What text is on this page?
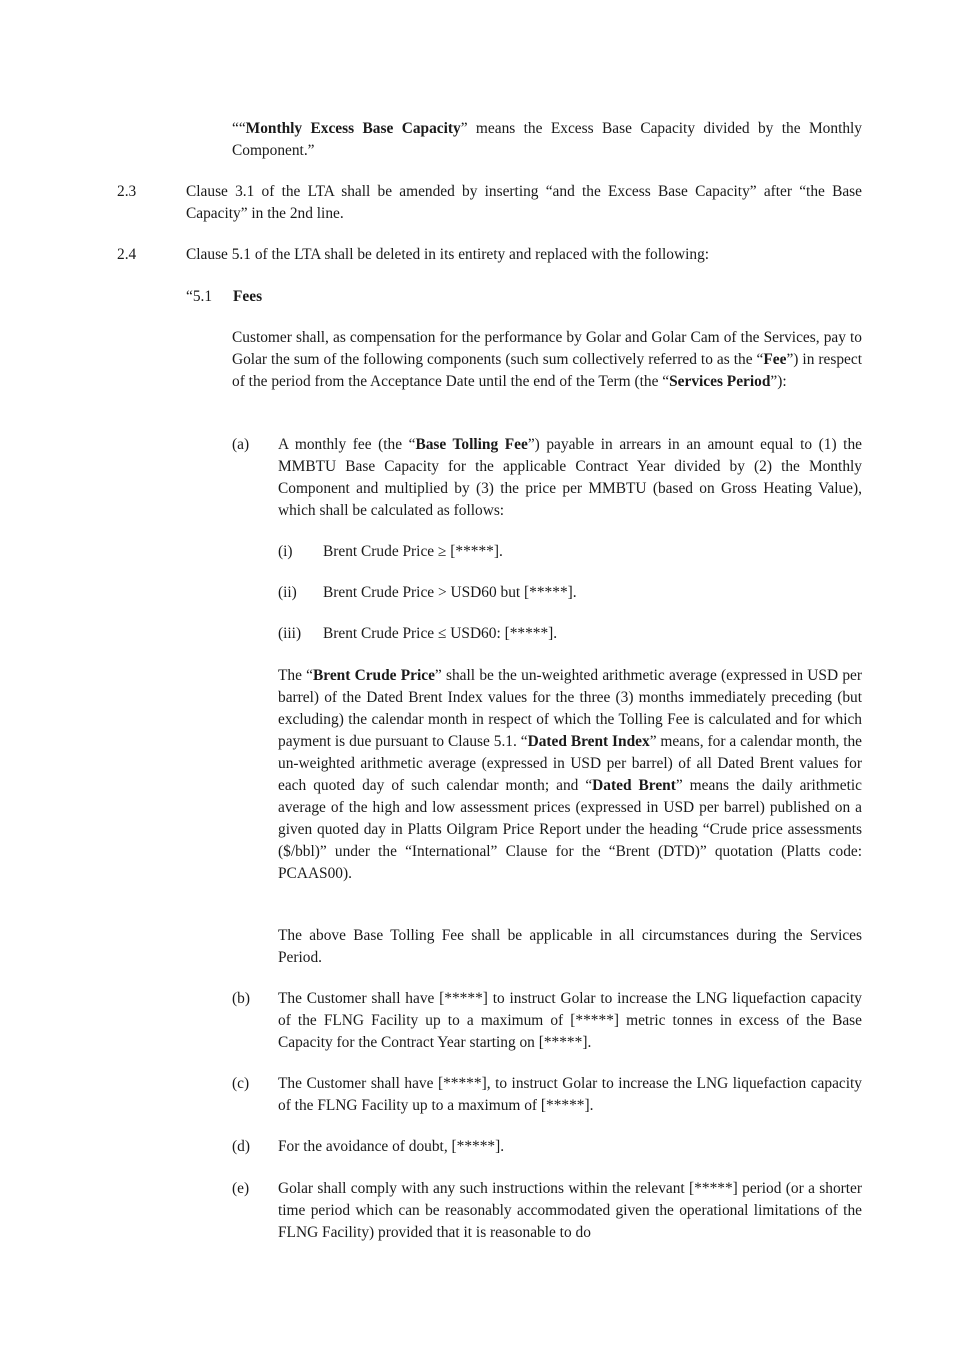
““Monthly Excess Base Capacity” means the Excess Base Capacity divided by the Monthly Component.”

2.3	Clause 3.1 of the LTA shall be amended by inserting “and the Excess Base Capacity” after “the Base Capacity” in the 2nd line.

2.4	Clause 5.1 of the LTA shall be deleted in its entirety and replaced with the following:

“5.1 Fees

Customer shall, as compensation for the performance by Golar and Golar Cam of the Services, pay to Golar the sum of the following components (such sum collectively referred to as the “Fee”) in respect of the period from the Acceptance Date until the end of the Term (the “Services Period”):

(a) A monthly fee (the “Base Tolling Fee”) payable in arrears in an amount equal to (1) the MMBTU Base Capacity for the applicable Contract Year divided by (2) the Monthly Component and multiplied by (3) the price per MMBTU (based on Gross Heating Value), which shall be calculated as follows:

(i) Brent Crude Price ≥ [*****].

(ii) Brent Crude Price > USD60 but [*****].

(iii) Brent Crude Price ≤ USD60: [*****].

The “Brent Crude Price” shall be the un-weighted arithmetic average (expressed in USD per barrel) of the Dated Brent Index values for the three (3) months immediately preceding (but excluding) the calendar month in respect of which the Tolling Fee is calculated and for which payment is due pursuant to Clause 5.1. “Dated Brent Index” means, for a calendar month, the un-weighted arithmetic average (expressed in USD per barrel) of all Dated Brent values for each quoted day of such calendar month; and “Dated Brent” means the daily arithmetic average of the high and low assessment prices (expressed in USD per barrel) published on a given quoted day in Platts Oilgram Price Report under the heading “Crude price assessments ($/bbl)” under the “International” Clause for the “Brent (DTD)” quotation (Platts code: PCAAS00).

The above Base Tolling Fee shall be applicable in all circumstances during the Services Period.

(b) The Customer shall have [*****] to instruct Golar to increase the LNG liquefaction capacity of the FLNG Facility up to a maximum of [*****] metric tonnes in excess of the Base Capacity for the Contract Year starting on [*****].

(c) The Customer shall have [*****], to instruct Golar to increase the LNG liquefaction capacity of the FLNG Facility up to a maximum of [*****].

(d) For the avoidance of doubt, [*****].

(e) Golar shall comply with any such instructions within the relevant [*****] period (or a shorter time period which can be reasonably accommodated given the operational limitations of the FLNG Facility) provided that it is reasonable to do
